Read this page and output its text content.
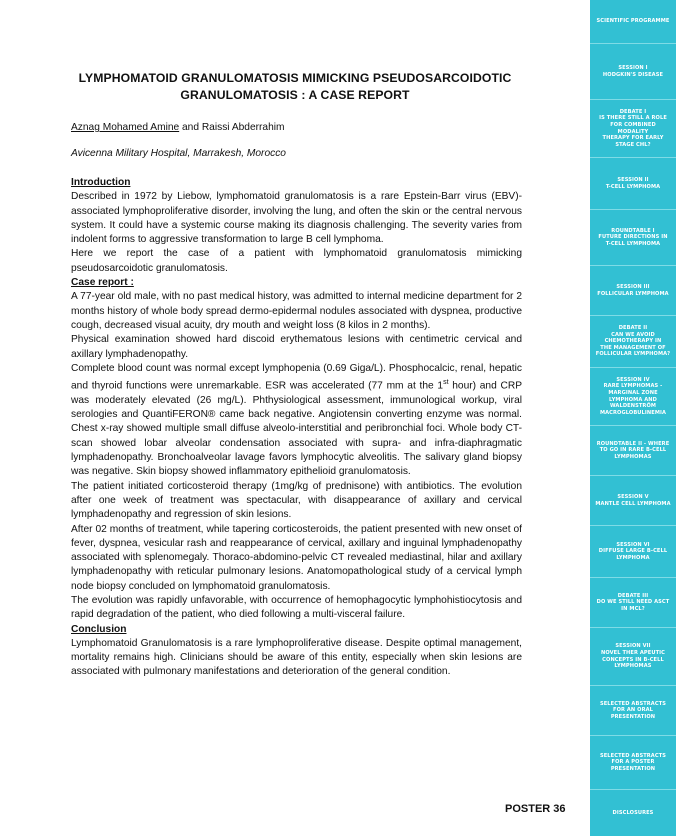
LYMPHOMATOID GRANULOMATOSIS MIMICKING PSEUDOSARCOIDOTIC GRANULOMATOSIS : A CASE REPORT
Aznag Mohamed Amine and Raissi Abderrahim
Avicenna Military Hospital, Marrakesh, Morocco

Introduction

Described in 1972 by Liebow, lymphomatoid granulomatosis is a rare Epstein-Barr virus (EBV)-associated lymphoproliferative disorder, involving the lung, and often the skin or the central nervous system. It could have a systemic course making its diagnosis challenging. The severity varies from indolent forms to aggressive transformation to large B cell lymphoma.

Here we report the case of a patient with lymphomatoid granulomatosis mimicking pseudosarcoidotic granulomatosis.

Case report :

A 77-year old male, with no past medical history, was admitted to internal medicine department for 2 months history of whole body spread dermo-epidermal nodules associated with dyspnea, productive cough, decreased visual acuity, dry mouth and weight loss (8 kilos in 2 months).

Physical examination showed hard discoid erythematous lesions with centimetric cervical and axillary lymphadenopathy.

Complete blood count was normal except lymphopenia (0.69 Giga/L). Phosphocalcic, renal, hepatic and thyroid functions were unremarkable. ESR was accelerated (77 mm at the 1st hour) and CRP was moderately elevated (26 mg/L). Phthysiological assessment, immunological workup, viral serologies and QuantiFERON® came back negative. Angiotensin converting enzyme was normal. Chest x-ray showed multiple small diffuse alveolo-interstitial and peribronchial foci. Whole body CT-scan showed lobar alveolar condensation associated with supra- and infra-diaphragmatic lymphadenopathy. Bronchoalveolar lavage favors lymphocytic alveolitis. The salivary gland biopsy was negative. Skin biopsy showed inflammatory epithelioid granulomatosis.

The patient initiated corticosteroid therapy (1mg/kg of prednisone) with antibiotics. The evolution after one week of treatment was spectacular, with disappearance of axillary and cervical lymphadenopathy and regression of skin lesions.

After 02 months of treatment, while tapering corticosteroids, the patient presented with new onset of fever, dyspnea, vesicular rash and reappearance of cervical, axillary and inguinal lymphadenopathy associated with splenomegaly. Thoraco-abdomino-pelvic CT revealed mediastinal, hilar and axillary lymphadenopathy with reticular pulmonary lesions. Anatomopathological study of a cervical lymph node biopsy concluded on lymphomatoid granulomatosis.

The evolution was rapidly unfavorable, with occurrence of hemophagocytic lymphohistiocytosis and rapid degradation of the patient, who died following a multi-visceral failure.

Conclusion

Lymphomatoid Granulomatosis is a rare lymphoproliferative disease. Despite optimal management, mortality remains high. Clinicians should be aware of this entity, especially when skin lesions are associated with pulmonary manifestations and deterioration of the general condition.

POSTER 36
SCIENTIFIC PROGRAMME
SESSION I
HODGKIN'S DISEASE
DEBATE I
IS THERE STILL A ROLE
FOR COMBINED MODALITY
THERAPY FOR EARLY
STAGE CHL?
SESSION II
T-CELL LYMPHOMA
ROUNDTABLE I
FUTURE DIRECTIONS IN
T-CELL LYMPHOMA
SESSION III
FOLLICULAR LYMPHOMA
DEBATE II
CAN WE AVOID
CHEMOTHERAPY IN
THE MANAGEMENT OF
FOLLICULAR LYMPHOMA?
SESSION IV
RARE LYMPHOMAS -
MARGINAL ZONE
LYMPHOMA AND
WALDENSTRÖM
MACROGLOBULINEMIA
ROUNDTABLE II - WHERE
TO GO IN RARE B-CELL
LYMPHOMAS
SESSION V
MANTLE CELL LYMPHOMA
SESSION VI
DIFFUSE LARGE B-CELL
LYMPHOMA
DEBATE III
DO WE STILL NEED ASCT
IN MCL?
SESSION VII
NOVEL THER APEUTIC
CONCEPTS IN B-CELL
LYMPHOMAS
SELECTED ABSTRACTS
FOR AN ORAL
PRESENTATION
SELECTED ABSTRACTS
FOR A POSTER
PRESENTATION
DISCLOSURES
